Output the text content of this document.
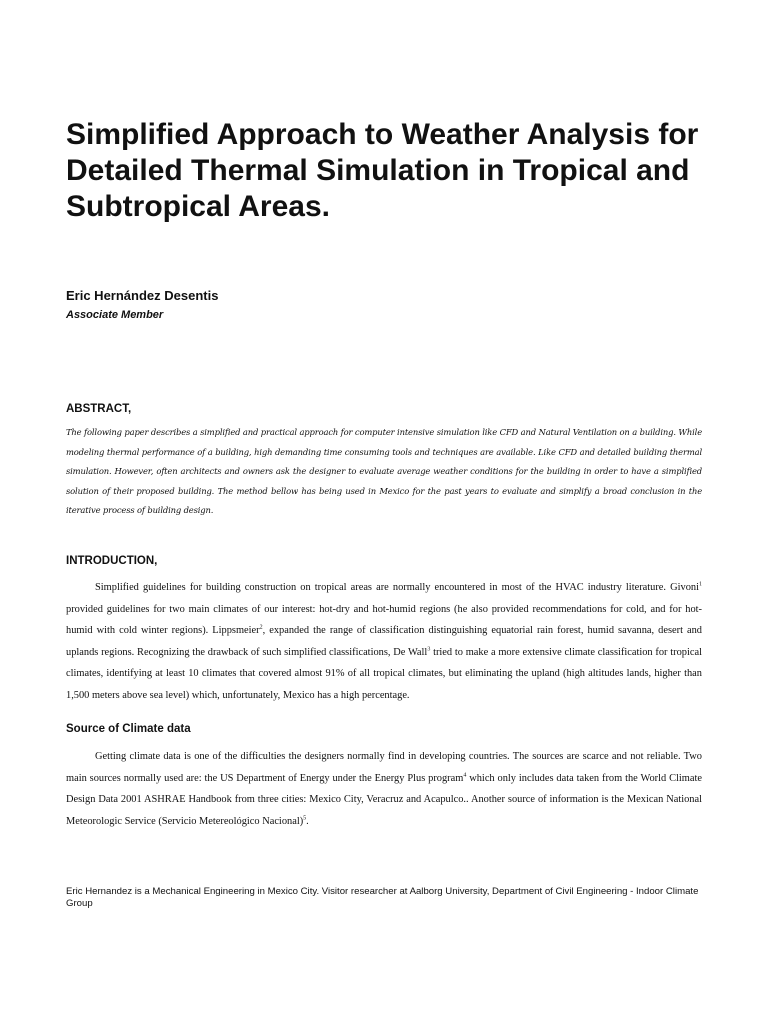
Simplified Approach to Weather Analysis for Detailed Thermal Simulation in Tropical and Subtropical Areas.

Eric Hernández Desentis

Associate Member

ABSTRACT,

The following paper describes a simplified and practical approach for computer intensive simulation like CFD and Natural Ventilation on a building. While modeling thermal performance of a building, high demanding time consuming tools and techniques are available. Like CFD and detailed building thermal simulation. However, often architects and owners ask the designer to evaluate average weather conditions for the building in order to have a simplified solution of their proposed building. The method bellow has being used in Mexico for the past years to evaluate and simplify a broad conclusion in the iterative process of building design.

INTRODUCTION,

Simplified guidelines for building construction on tropical areas are normally encountered in most of the HVAC industry literature. Givoni$^1$ provided guidelines for two main climates of our interest: hot-dry and hot-humid regions (he also provided recommendations for cold, and for hot-humid with cold winter regions). Lippsmeier$^2$, expanded the range of classification distinguishing equatorial rain forest, humid savanna, desert and uplands regions. Recognizing the drawback of such simplified classifications, De Wall$^3$ tried to make a more extensive climate classification for tropical climates, identifying at least 10 climates that covered almost 91% of all tropical climates, but eliminating the upland (high altitudes lands, higher than 1,500 meters above sea level) which, unfortunately, Mexico has a high percentage.

Source of Climate data

Getting climate data is one of the difficulties the designers normally find in developing countries. The sources are scarce and not reliable. Two main sources normally used are: the US Department of Energy under the Energy Plus program$^4$ which only includes data taken from the World Climate Design Data 2001 ASHRAE Handbook from three cities: Mexico City, Veracruz and Acapulco.. Another source of information is the Mexican National Meteorologic Service (Servicio Metereológico Nacional)$^5$.

Eric Hernandez is a Mechanical Engineering in Mexico City. Visitor researcher at Aalborg University, Department of Civil Engineering - Indoor Climate Group
